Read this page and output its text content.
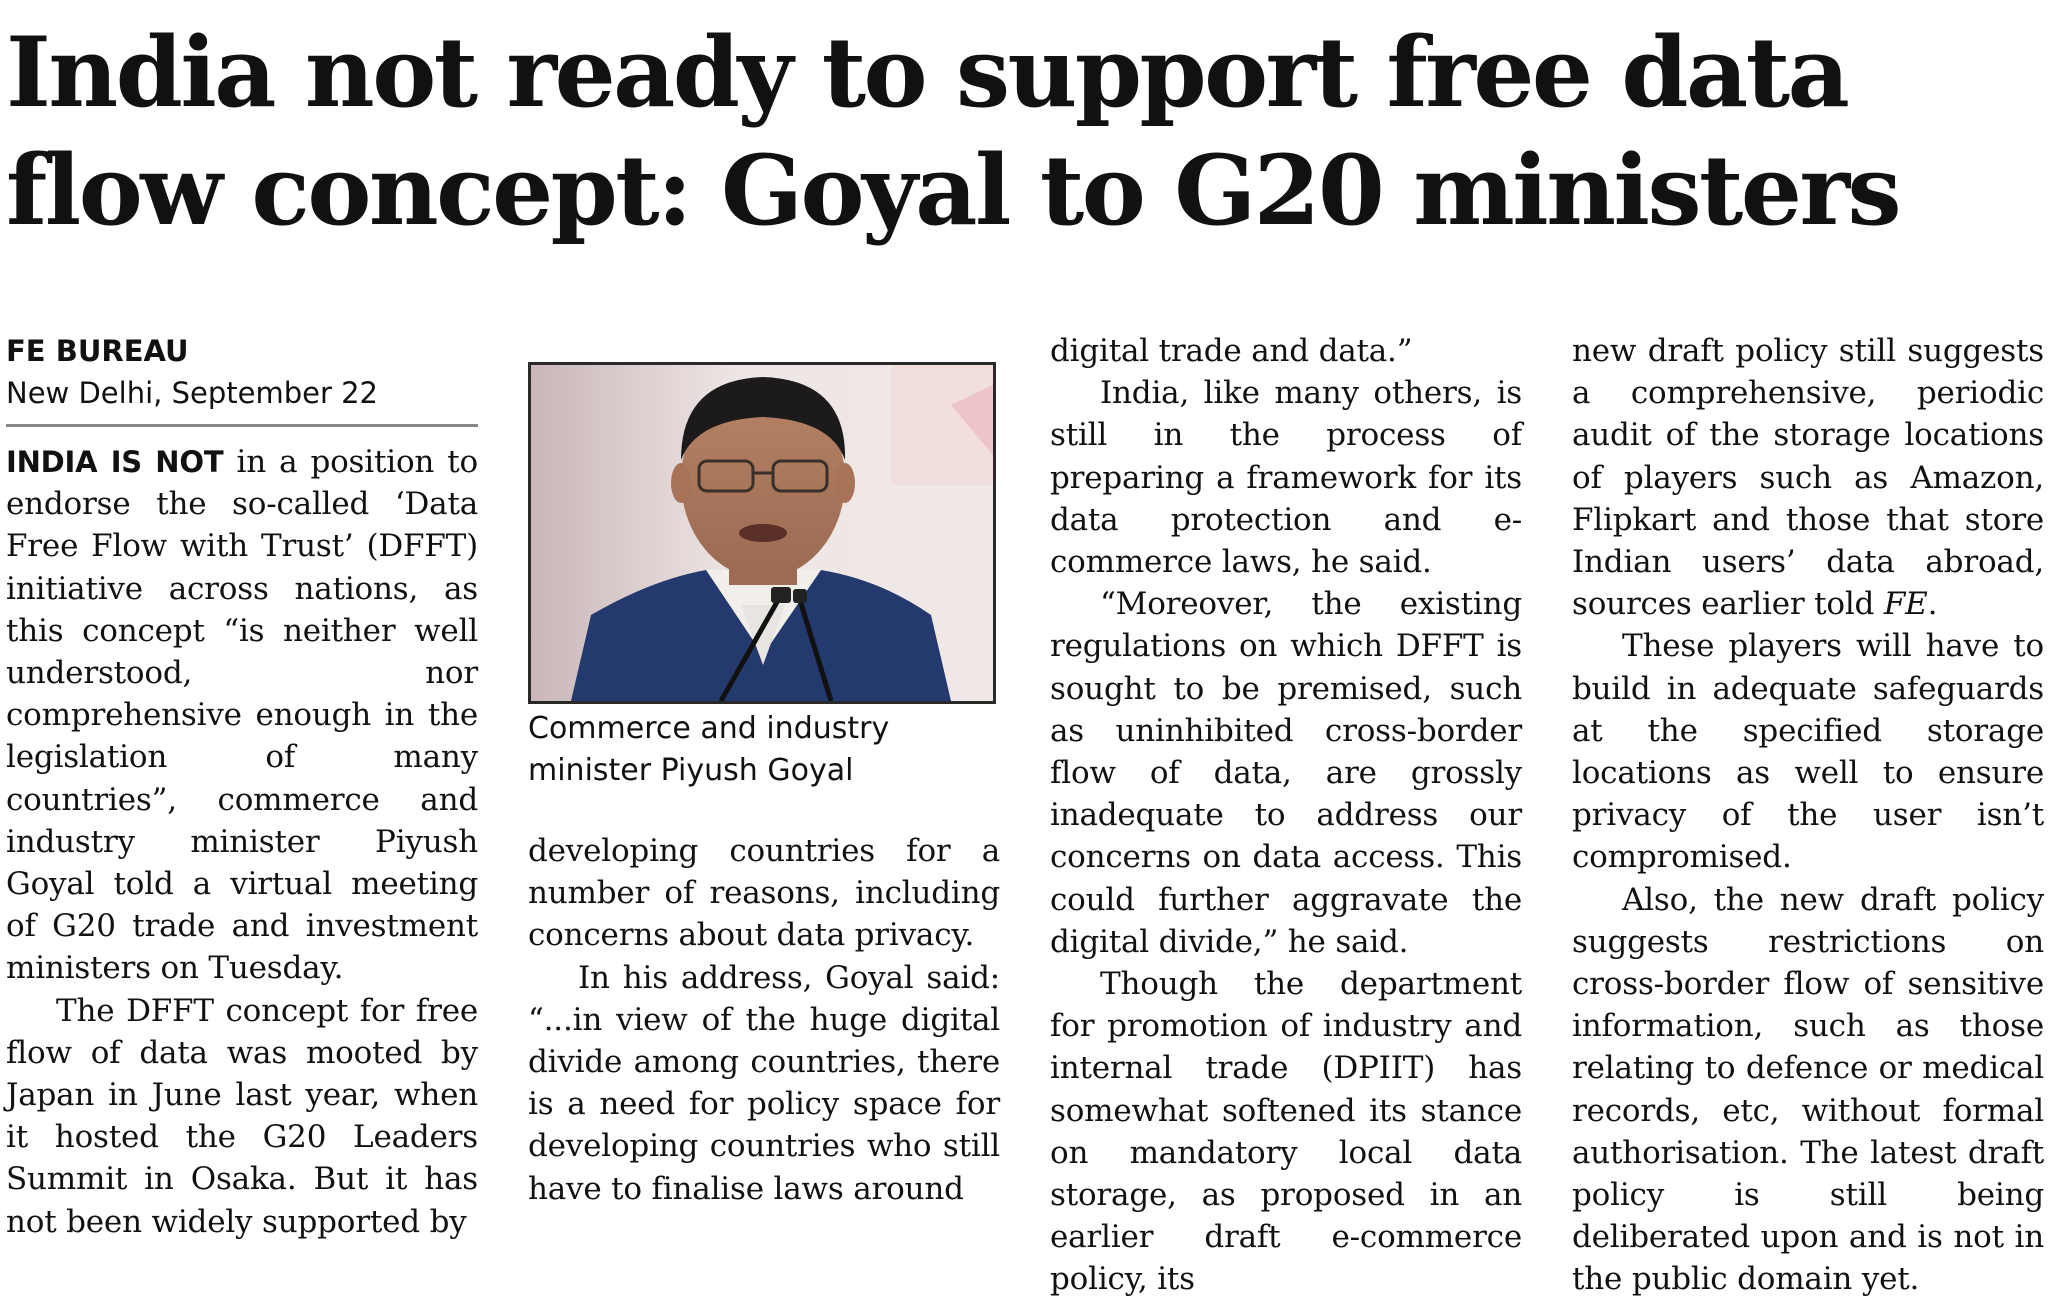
India not ready to support free data flow concept: Goyal to G20 ministers
FE BUREAU
New Delhi, September 22

INDIA IS NOT in a position to endorse the so-called ‘Data Free Flow with Trust’ (DFFT) initiative across nations, as this concept “is neither well understood, nor comprehensive enough in the legislation of many countries”, commerce and industry minister Piyush Goyal told a virtual meeting of G20 trade and investment ministers on Tuesday.

The DFFT concept for free flow of data was mooted by Japan in June last year, when it hosted the G20 Leaders Summit in Osaka. But it has not been widely supported by

Commerce and industry minister Piyush Goyal

developing countries for a number of reasons, including concerns about data privacy.

In his address, Goyal said: “...in view of the huge digital divide among countries, there is a need for policy space for developing countries who still have to finalise laws around

digital trade and data.”

India, like many others, is still in the process of preparing a framework for its data protection and e-commerce laws, he said.

“Moreover, the existing regulations on which DFFT is sought to be premised, such as uninhibited cross-border flow of data, are grossly inadequate to address our concerns on data access. This could further aggravate the digital divide,” he said.

Though the department for promotion of industry and internal trade (DPIIT) has somewhat softened its stance on mandatory local data storage, as proposed in an earlier draft e-commerce policy, its

new draft policy still suggests a comprehensive, periodic audit of the storage locations of players such as Amazon, Flipkart and those that store Indian users’ data abroad, sources earlier told FE.

These players will have to build in adequate safeguards at the specified storage locations as well to ensure privacy of the user isn’t compromised.

Also, the new draft policy suggests restrictions on cross-border flow of sensitive information, such as those relating to defence or medical records, etc, without formal authorisation. The latest draft policy is still being deliberated upon and is not in the public domain yet.
